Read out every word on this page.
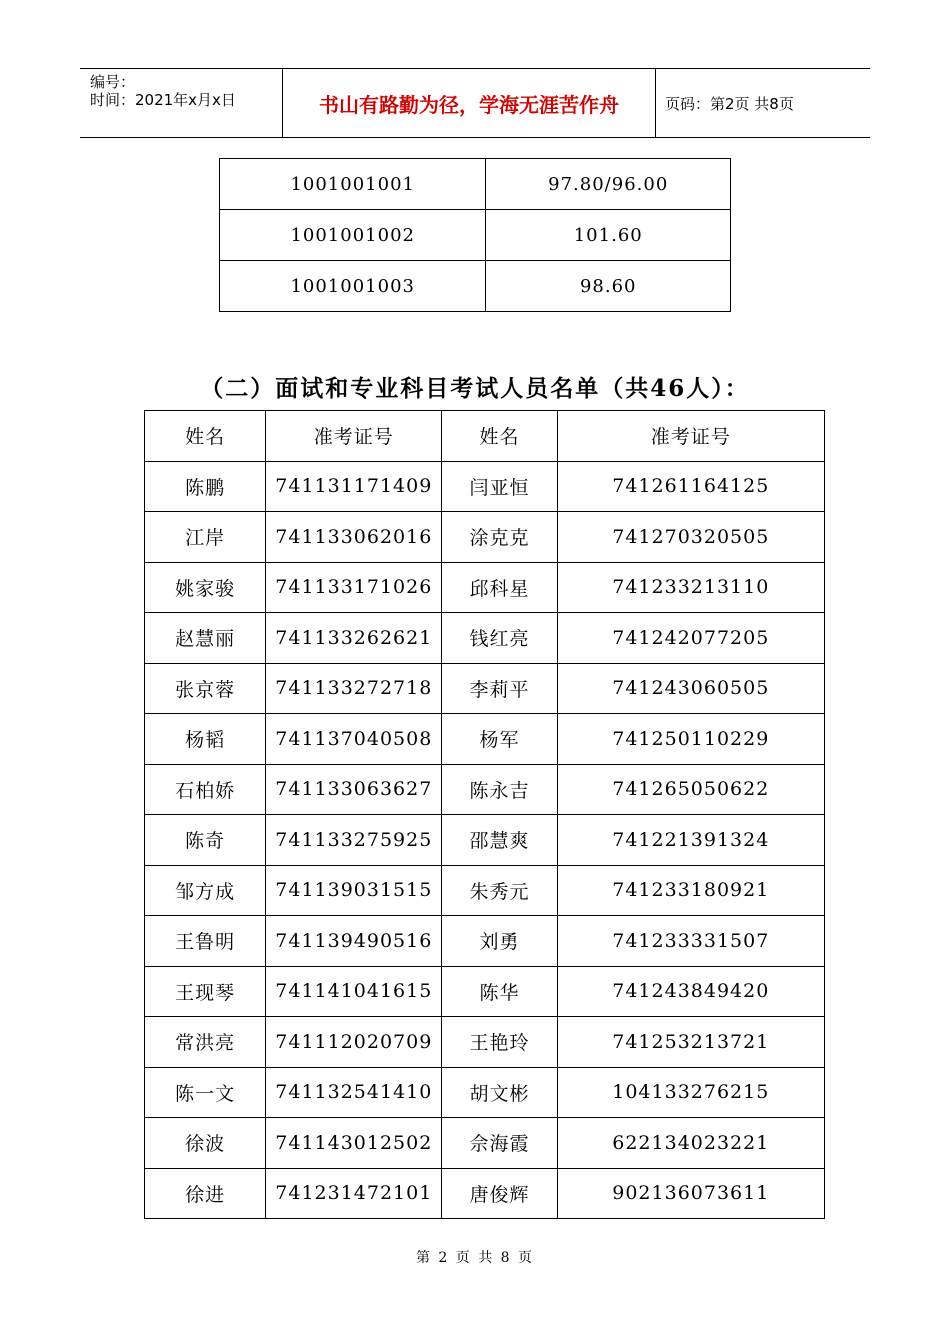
编号：
时间：2021年x月x日	书山有路勤为径，学海无涯苦作舟	页码：第2页 共8页
1001001001	97.80/96.00
1001001002	101.60
1001001003	98.60
（二）面试和专业科目考试人员名单（共46人）：
姓名	准考证号	姓名	准考证号
陈鹏	741131171409	闫亚恒	741261164125
江岸	741133062016	涂克克	741270320505
姚家骏	741133171026	邱科星	741233213110
赵慧丽	741133262621	钱红亮	741242077205
张京蓉	741133272718	李莉平	741243060505
杨韬	741137040508	杨军	741250110229
石柏娇	741133063627	陈永吉	741265050622
陈奇	741133275925	邵慧爽	741221391324
邹方成	741139031515	朱秀元	741233180921
王鲁明	741139490516	刘勇	741233331507
王现琴	741141041615	陈华	741243849420
常洪亮	741112020709	王艳玲	741253213721
陈一文	741132541410	胡文彬	104133276215
徐波	741143012502	佘海霞	622134023221
徐进	741231472101	唐俊辉	902136073611
第 2 页 共 8 页
